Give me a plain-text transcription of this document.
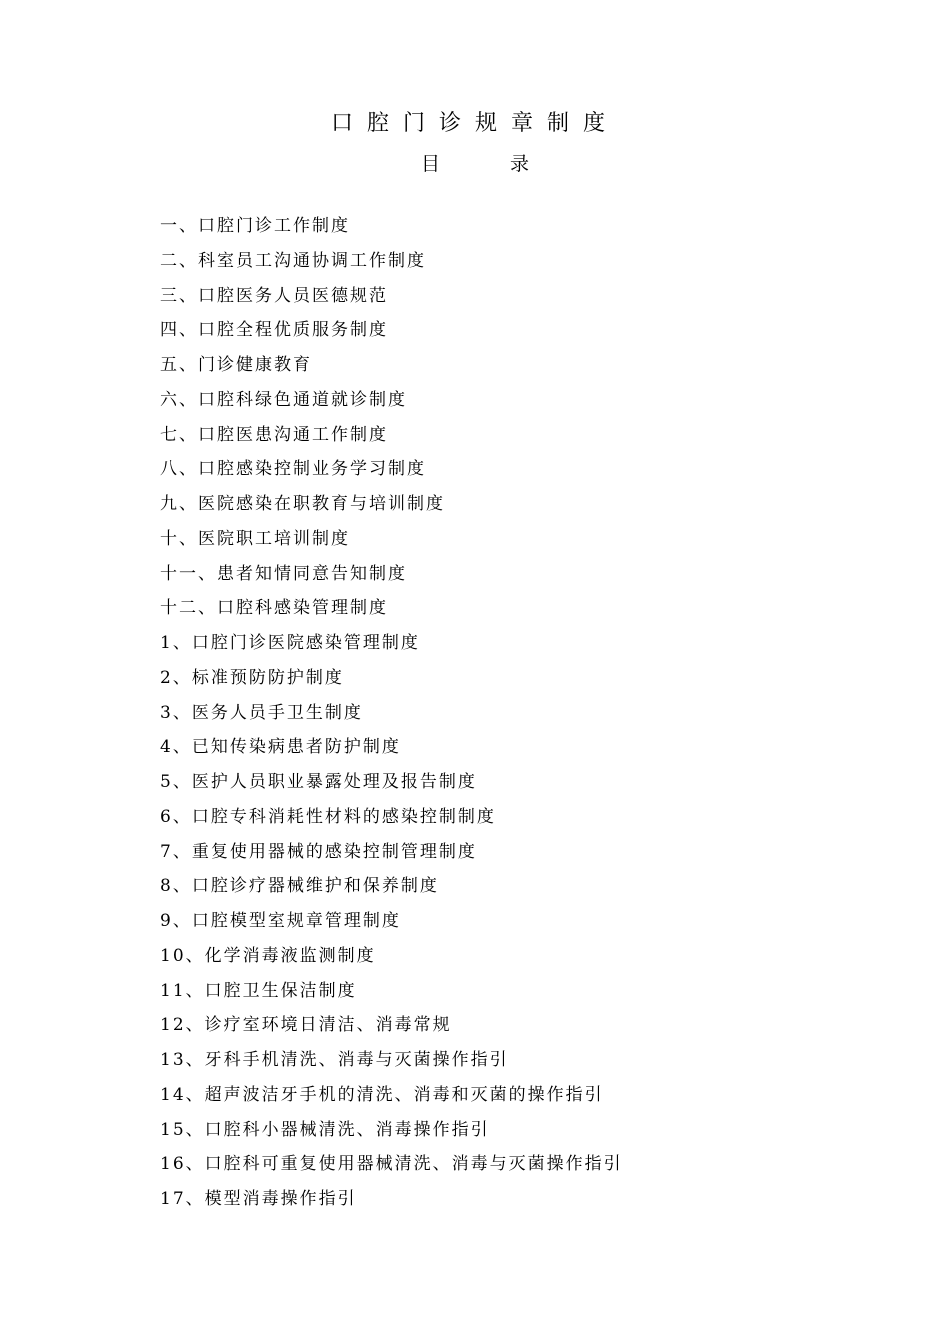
口腔门诊规章制度
目	录
一、口腔门诊工作制度
二、科室员工沟通协调工作制度
三、口腔医务人员医德规范
四、口腔全程优质服务制度
五、门诊健康教育
六、口腔科绿色通道就诊制度
七、口腔医患沟通工作制度
八、口腔感染控制业务学习制度
九、医院感染在职教育与培训制度
十、医院职工培训制度
十一、患者知情同意告知制度
十二、口腔科感染管理制度
1、口腔门诊医院感染管理制度
2、标准预防防护制度
3、医务人员手卫生制度
4、已知传染病患者防护制度
5、医护人员职业暴露处理及报告制度
6、口腔专科消耗性材料的感染控制制度
7、重复使用器械的感染控制管理制度
8、口腔诊疗器械维护和保养制度
9、口腔模型室规章管理制度
10、化学消毒液监测制度
11、口腔卫生保洁制度
12、诊疗室环境日清洁、消毒常规
13、牙科手机清洗、消毒与灭菌操作指引
14、超声波洁牙手机的清洗、消毒和灭菌的操作指引
15、口腔科小器械清洗、消毒操作指引
16、口腔科可重复使用器械清洗、消毒与灭菌操作指引
17、模型消毒操作指引
